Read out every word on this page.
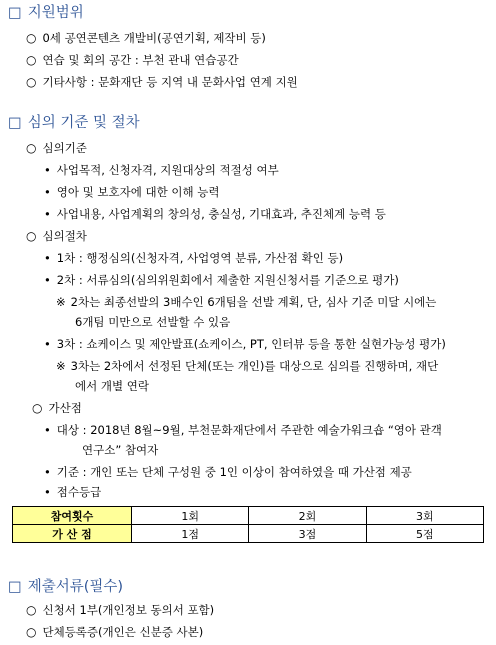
□ 지원범위
○ 0세 공연콘텐츠 개발비(공연기획, 제작비 등)
○ 연습 및 회의 공간 : 부천 관내 연습공간
○ 기타사항 : 문화재단 등 지역 내 문화사업 연계 지원
□ 심의 기준 및 절차
○ 심의기준
• 사업목적, 신청자격, 지원대상의 적절성 여부
• 영아 및 보호자에 대한 이해 능력
• 사업내용, 사업계획의 창의성, 충실성, 기대효과, 추진체계 능력 등
○ 심의절차
• 1차 : 행정심의(신청자격, 사업영역 분류, 가산점 확인 등)
• 2차 : 서류심의(심의위원회에서 제출한 지원신청서를 기준으로 평가)
※ 2차는 최종선발의 3배수인 6개팀을 선발 계획, 단, 심사 기준 미달 시에는
6개팀 미만으로 선발할 수 있음
• 3차 : 쇼케이스 및 제안발표(쇼케이스, PT, 인터뷰 등을 통한 실현가능성 평가)
※ 3차는 2차에서 선정된 단체(또는 개인)를 대상으로 심의를 진행하며, 재단
에서 개별 연락
○ 가산점
• 대상 : 2018년 8월~9월, 부천문화재단에서 주관한 예술가워크숍 “영아 관객
연구소” 참여자
• 기준 : 개인 또는 단체 구성원 중 1인 이상이 참여하였을 때 가산점 제공
• 점수등급
참여횟수	1회	2회	3회
가 산 점	1점	3점	5점
□ 제출서류(필수)
○ 신청서 1부(개인정보 동의서 포함)
○ 단체등록증(개인은 신분증 사본)
